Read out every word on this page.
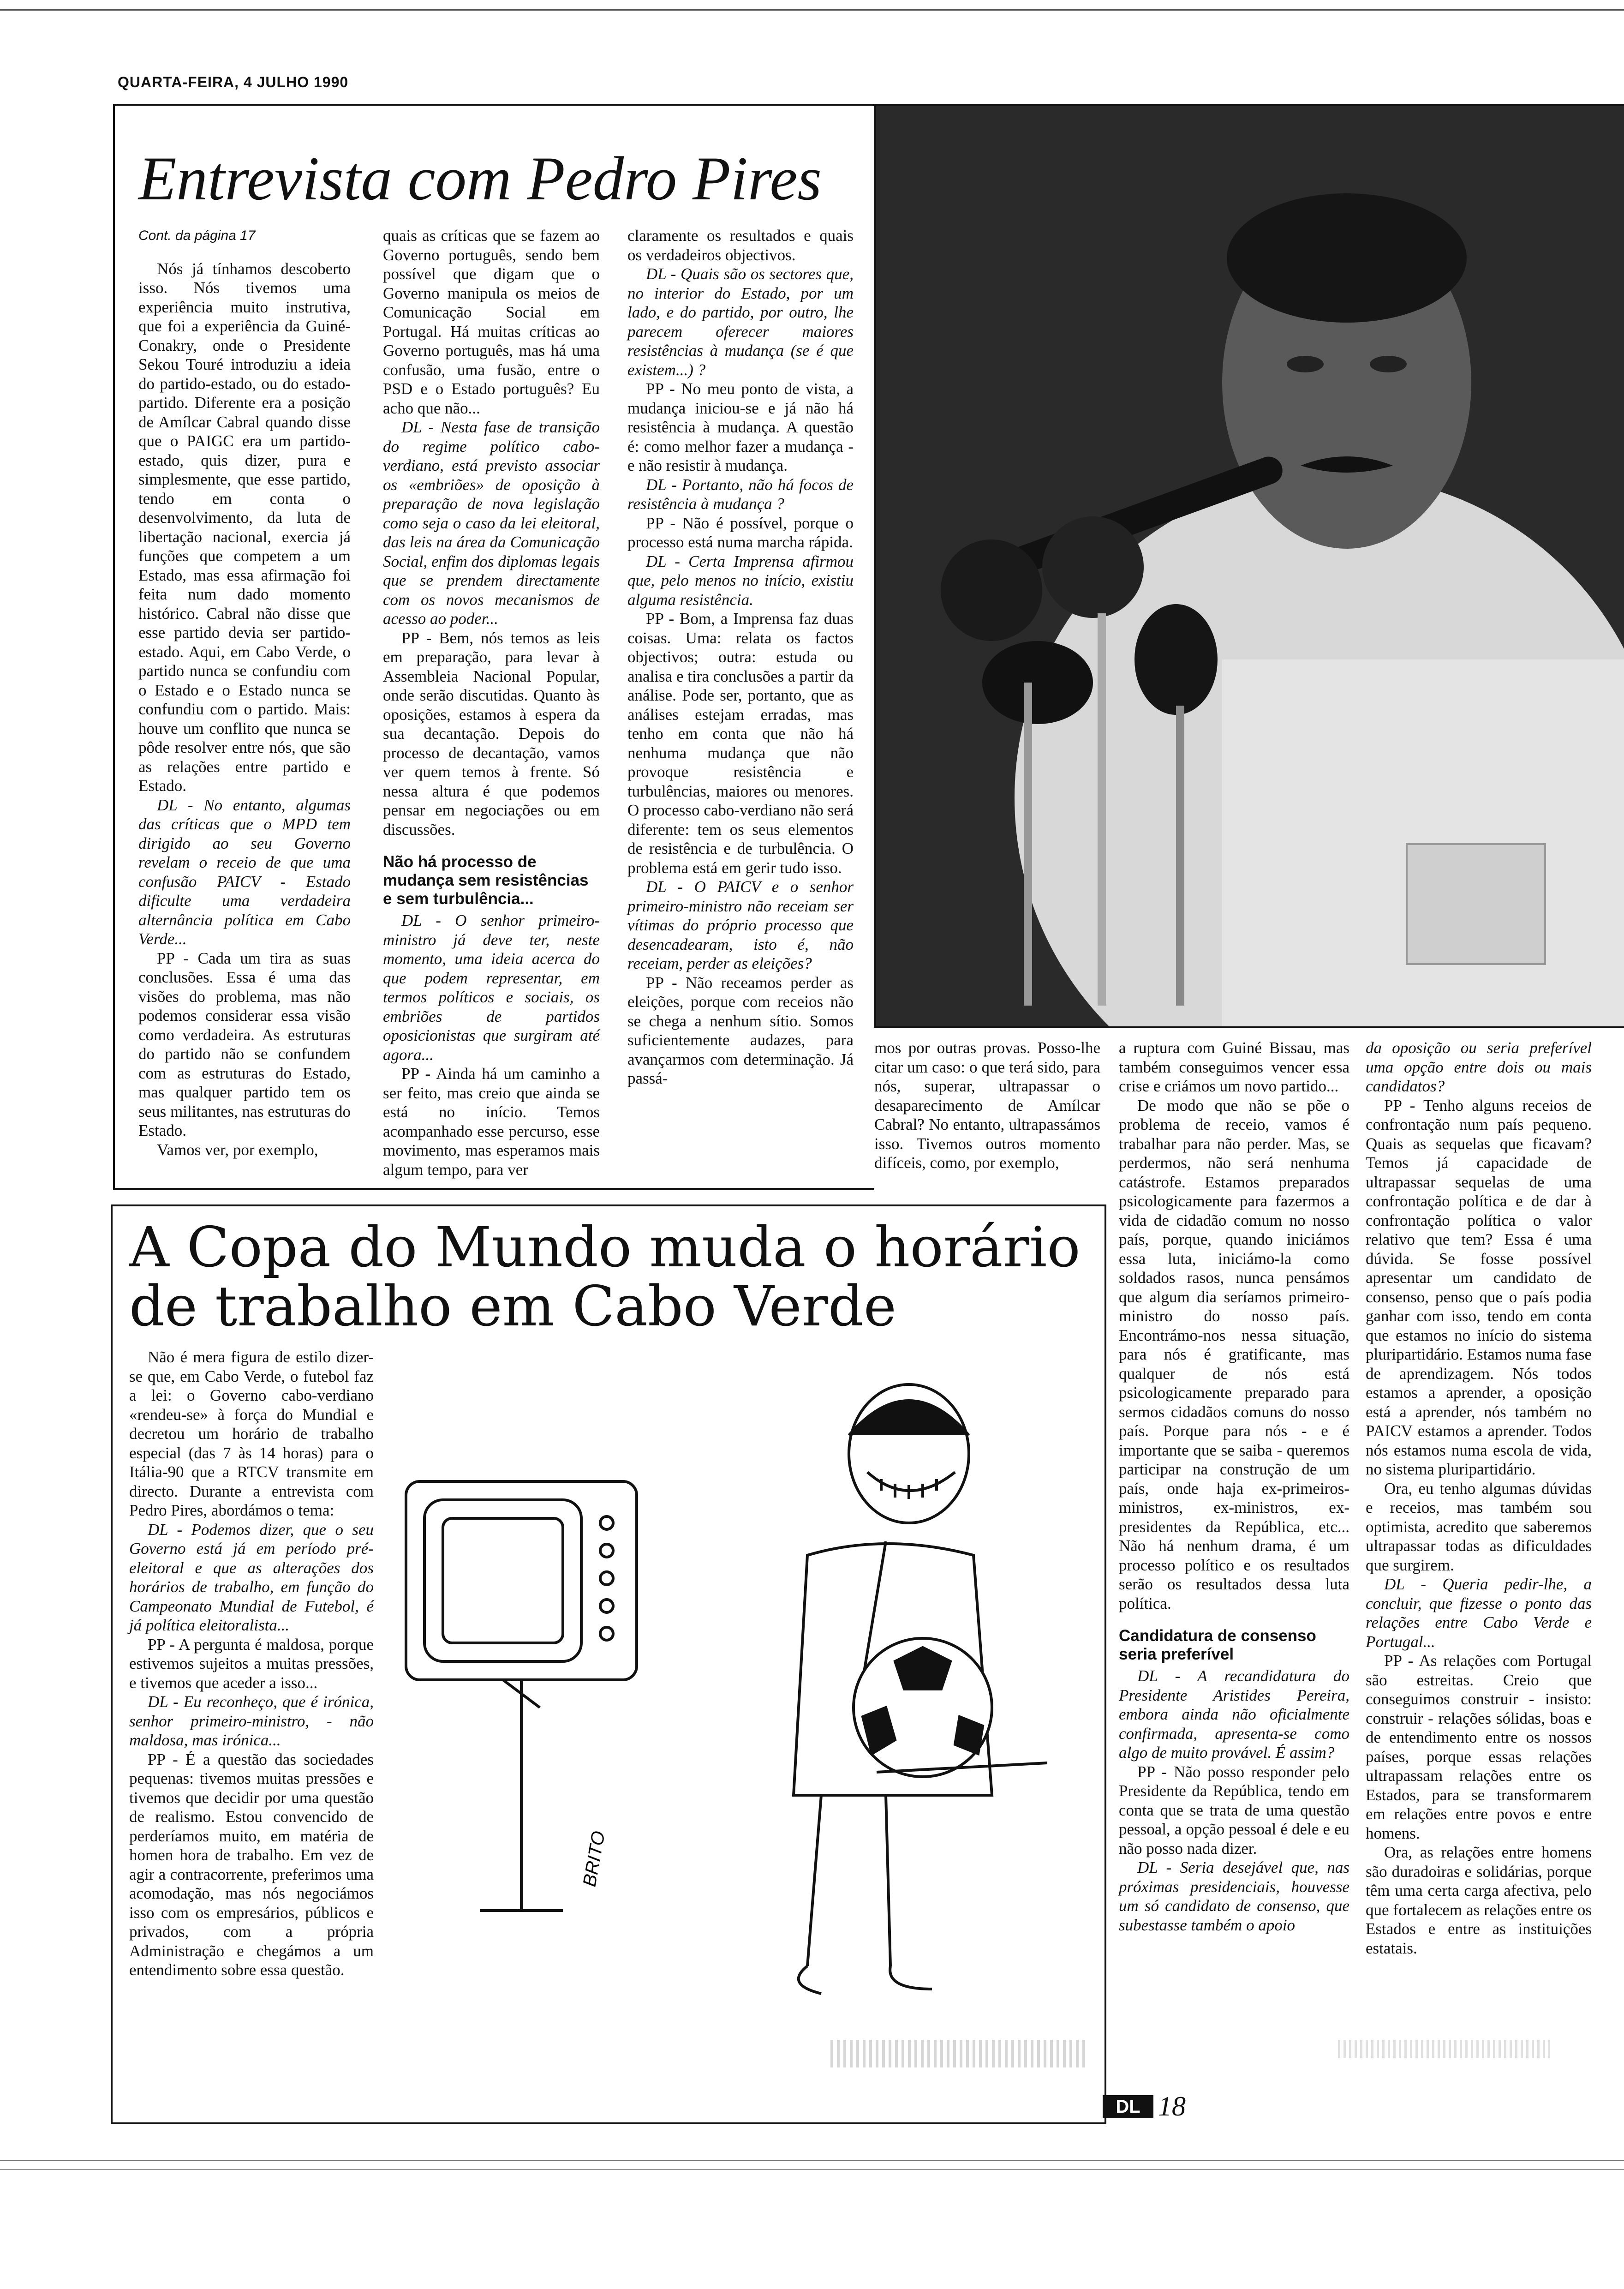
QUARTA-FEIRA, 4 JULHO 1990
Entrevista com Pedro Pires

Cont. da página 17

Nós já tínhamos descoberto isso. Nós tivemos uma experiência muito instrutiva, que foi a experiência da Guiné-Conakry, onde o Presidente Sekou Touré introduziu a ideia do partido-estado, ou do estado-partido. Diferente era a posição de Amílcar Cabral quando disse que o PAIGC era um partido-estado, quis dizer, pura e simplesmente, que esse partido, tendo em conta o desenvolvimento, da luta de libertação nacional, exercia já funções que competem a um Estado, mas essa afirmação foi feita num dado momento histórico. Cabral não disse que esse partido devia ser partido-estado. Aqui, em Cabo Verde, o partido nunca se confundiu com o Estado e o Estado nunca se confundiu com o partido. Mais: houve um conflito que nunca se pôde resolver entre nós, que são as relações entre partido e Estado.

DL - No entanto, algumas das críticas que o MPD tem dirigido ao seu Governo revelam o receio de que uma confusão PAICV - Estado dificulte uma verdadeira alternância política em Cabo Verde...

PP - Cada um tira as suas conclusões. Essa é uma das visões do problema, mas não podemos considerar essa visão como verdadeira. As estruturas do partido não se confundem com as estruturas do Estado, mas qualquer partido tem os seus militantes, nas estruturas do Estado.

Vamos ver, por exemplo,

quais as críticas que se fazem ao Governo português, sendo bem possível que digam que o Governo manipula os meios de Comunicação Social em Portugal. Há muitas críticas ao Governo português, mas há uma confusão, uma fusão, entre o PSD e o Estado português? Eu acho que não...

DL - Nesta fase de transição do regime político cabo-verdiano, está previsto associar os «embriões» de oposição à preparação de nova legislação como seja o caso da lei eleitoral, das leis na área da Comunicação Social, enfim dos diplomas legais que se prendem directamente com os novos mecanismos de acesso ao poder...

PP - Bem, nós temos as leis em preparação, para levar à Assembleia Nacional Popular, onde serão discutidas. Quanto às oposições, estamos à espera da sua decantação. Depois do processo de decantação, vamos ver quem temos à frente. Só nessa altura é que podemos pensar em negociações ou em discussões.

Não há processo de mudança sem resistências e sem turbulência...

DL - O senhor primeiro-ministro já deve ter, neste momento, uma ideia acerca do que podem representar, em termos políticos e sociais, os embriões de partidos oposicionistas que surgiram até agora...

PP - Ainda há um caminho a ser feito, mas creio que ainda se está no início. Temos acompanhado esse percurso, esse movimento, mas esperamos mais algum tempo, para ver

claramente os resultados e quais os verdadeiros objectivos.

DL - Quais são os sectores que, no interior do Estado, por um lado, e do partido, por outro, lhe parecem oferecer maiores resistências à mudança (se é que existem...) ?

PP - No meu ponto de vista, a mudança iniciou-se e já não há resistência à mudança. A questão é: como melhor fazer a mudança - e não resistir à mudança.

DL - Portanto, não há focos de resistência à mudança ?

PP - Não é possível, porque o processo está numa marcha rápida.

DL - Certa Imprensa afirmou que, pelo menos no início, existiu alguma resistência.

PP - Bom, a Imprensa faz duas coisas. Uma: relata os factos objectivos; outra: estuda ou analisa e tira conclusões a partir da análise. Pode ser, portanto, que as análises estejam erradas, mas tenho em conta que não há nenhuma mudança que não provoque resistência e turbulências, maiores ou menores. O processo cabo-verdiano não será diferente: tem os seus elementos de resistência e de turbulência. O problema está em gerir tudo isso.

DL - O PAICV e o senhor primeiro-ministro não receiam ser vítimas do próprio processo que desencadearam, isto é, não receiam, perder as eleições?

PP - Não receamos perder as eleições, porque com receios não se chega a nenhum sítio. Somos suficientemente audazes, para avançarmos com determinação. Já passá-

mos por outras provas. Posso-lhe citar um caso: o que terá sido, para nós, superar, ultrapassar o desaparecimento de Amílcar Cabral? No entanto, ultrapassámos isso. Tivemos outros momento difíceis, como, por exemplo,

a ruptura com Guiné Bissau, mas também conseguimos vencer essa crise e criámos um novo partido...

De modo que não se põe o problema de receio, vamos é trabalhar para não perder. Mas, se perdermos, não será nenhuma catástrofe. Estamos preparados psicologicamente para fazermos a vida de cidadão comum no nosso país, porque, quando iniciámos essa luta, iniciámo-la como soldados rasos, nunca pensámos que algum dia seríamos primeiro-ministro do nosso país. Encontrámo-nos nessa situação, para nós é gratificante, mas qualquer de nós está psicologicamente preparado para sermos cidadãos comuns do nosso país. Porque para nós - e é importante que se saiba - queremos participar na construção de um país, onde haja ex-primeiros-ministros, ex-ministros, ex-presidentes da República, etc... Não há nenhum drama, é um processo político e os resultados serão os resultados dessa luta política.

Candidatura de consenso seria preferível

DL - A recandidatura do Presidente Aristides Pereira, embora ainda não oficialmente confirmada, apresenta-se como algo de muito provável. É assim?

PP - Não posso responder pelo Presidente da República, tendo em conta que se trata de uma questão pessoal, a opção pessoal é dele e eu não posso nada dizer.

DL - Seria desejável que, nas próximas presidenciais, houvesse um só candidato de consenso, que subestasse também o apoio

da oposição ou seria preferível uma opção entre dois ou mais candidatos?

PP - Tenho alguns receios de confrontação num país pequeno. Quais as sequelas que ficavam? Temos já capacidade de ultrapassar sequelas de uma confrontação política e de dar à confrontação política o valor relativo que tem? Essa é uma dúvida. Se fosse possível apresentar um candidato de consenso, penso que o país podia ganhar com isso, tendo em conta que estamos no início do sistema pluripartidário. Estamos numa fase de aprendizagem. Nós todos estamos a aprender, a oposição está a aprender, nós também no PAICV estamos a aprender. Todos nós estamos numa escola de vida, no sistema pluripartidário.

Ora, eu tenho algumas dúvidas e receios, mas também sou optimista, acredito que saberemos ultrapassar todas as dificuldades que surgirem.

DL - Queria pedir-lhe, a concluir, que fizesse o ponto das relações entre Cabo Verde e Portugal...

PP - As relações com Portugal são estreitas. Creio que conseguimos construir - insisto: construir - relações sólidas, boas e de entendimento entre os nossos países, porque essas relações ultrapassam relações entre os Estados, para se transformarem em relações entre povos e entre homens.

Ora, as relações entre homens são duradoiras e solidárias, porque têm uma certa carga afectiva, pelo que fortalecem as relações entre os Estados e entre as instituições estatais.

A Copa do Mundo muda o horário
de trabalho em Cabo Verde

Não é mera figura de estilo dizer-se que, em Cabo Verde, o futebol faz a lei: o Governo cabo-verdiano «rendeu-se» à força do Mundial e decretou um horário de trabalho especial (das 7 às 14 horas) para o Itália-90 que a RTCV transmite em directo. Durante a entrevista com Pedro Pires, abordámos o tema:

DL - Podemos dizer, que o seu Governo está já em período pré-eleitoral e que as alterações dos horários de trabalho, em função do Campeonato Mundial de Futebol, é já política eleitoralista...

PP - A pergunta é maldosa, porque estivemos sujeitos a muitas pressões, e tivemos que aceder a isso...

DL - Eu reconheço, que é irónica, senhor primeiro-ministro, - não maldosa, mas irónica...

PP - É a questão das sociedades pequenas: tivemos muitas pressões e tivemos que decidir por uma questão de realismo. Estou convencido de perderíamos muito, em matéria de homen hora de trabalho. Em vez de agir a contracorrente, preferimos uma acomodação, mas nós negociámos isso com os empresários, públicos e privados, com a própria Administração e chegámos a um entendimento sobre essa questão.

BRITO
DL 18
